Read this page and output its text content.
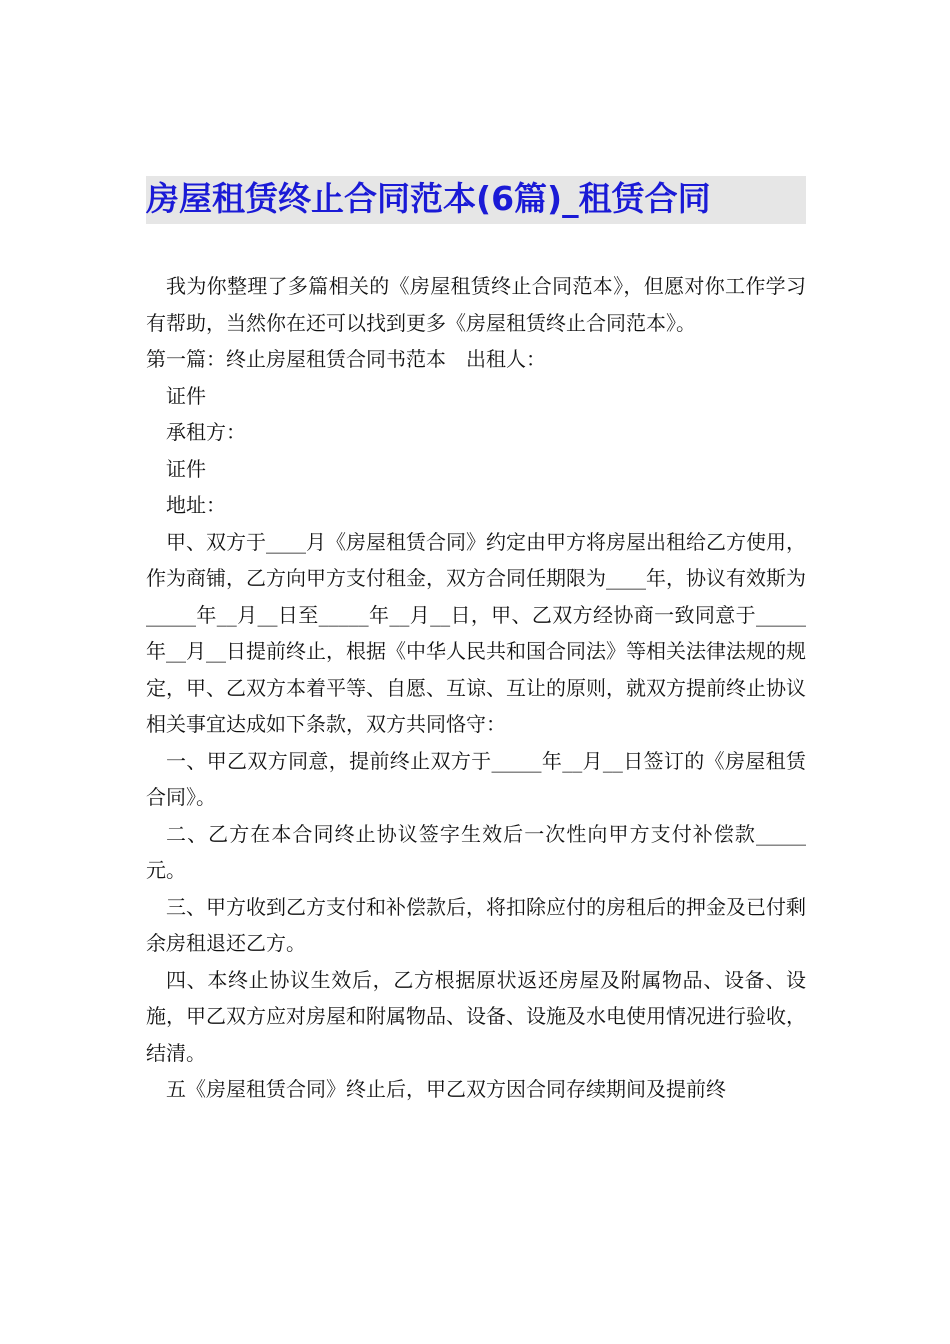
房屋租赁终止合同范本(6篇)_租赁合同

我为你整理了多篇相关的《房屋租赁终止合同范本》，但愿对你工作学习有帮助，当然你在还可以找到更多《房屋租赁终止合同范本》。

第一篇：终止房屋租赁合同书范本　出租人：

证件

承租方：

证件

地址：

甲、双方于____月《房屋租赁合同》约定由甲方将房屋出租给乙方使用，作为商铺，乙方向甲方支付租金，双方合同任期限为____年，协议有效斯为_____年__月__日至_____年__月__日，甲、乙双方经协商一致同意于_____年__月__日提前终止，根据《中华人民共和国合同法》等相关法律法规的规定，甲、乙双方本着平等、自愿、互谅、互让的原则，就双方提前终止协议相关事宜达成如下条款，双方共同恪守：

一、甲乙双方同意，提前终止双方于_____年__月__日签订的《房屋租赁合同》。

二、乙方在本合同终止协议签字生效后一次性向甲方支付补偿款_____元。

三、甲方收到乙方支付和补偿款后，将扣除应付的房租后的押金及已付剩余房租退还乙方。

四、本终止协议生效后，乙方根据原状返还房屋及附属物品、设备、设施，甲乙双方应对房屋和附属物品、设备、设施及水电使用情况进行验收，结清。

五《房屋租赁合同》终止后，甲乙双方因合同存续期间及提前终
